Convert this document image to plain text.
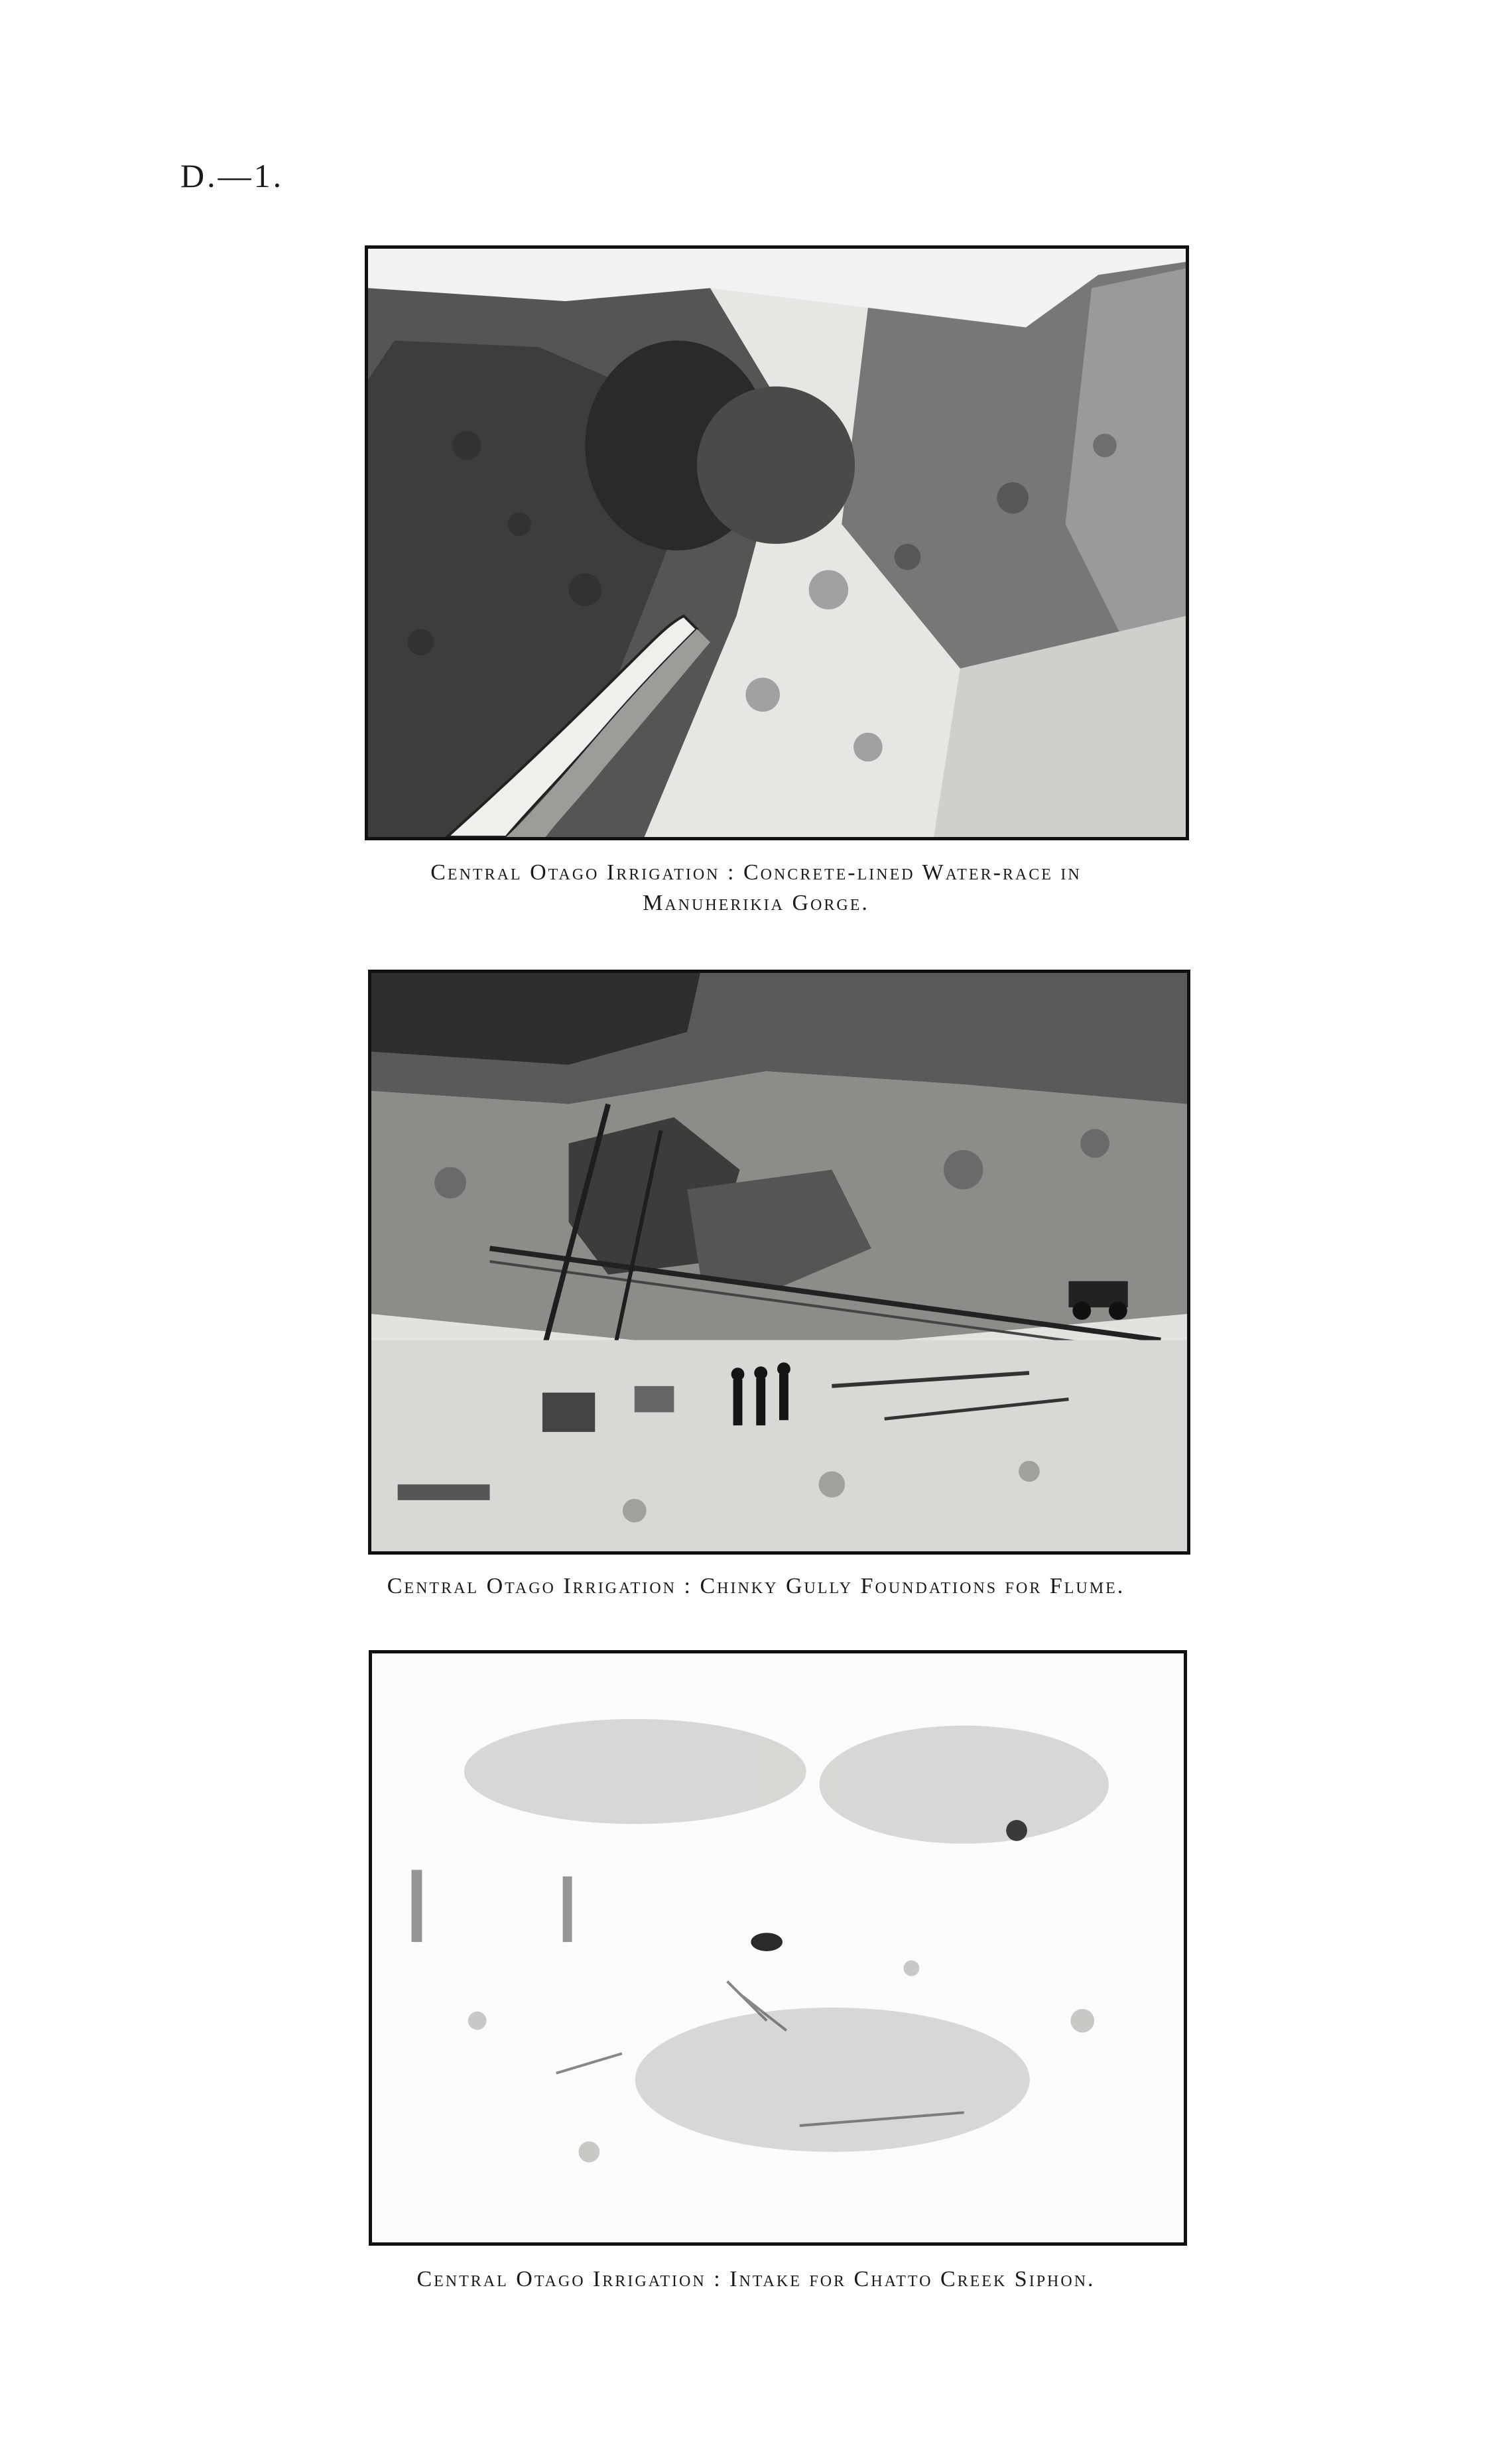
D.—1.
Central Otago Irrigation : Concrete-lined Water-race in
Manuherikia Gorge.
Central Otago Irrigation : Chinky Gully Foundations for Flume.
Central Otago Irrigation : Intake for Chatto Creek Siphon.
